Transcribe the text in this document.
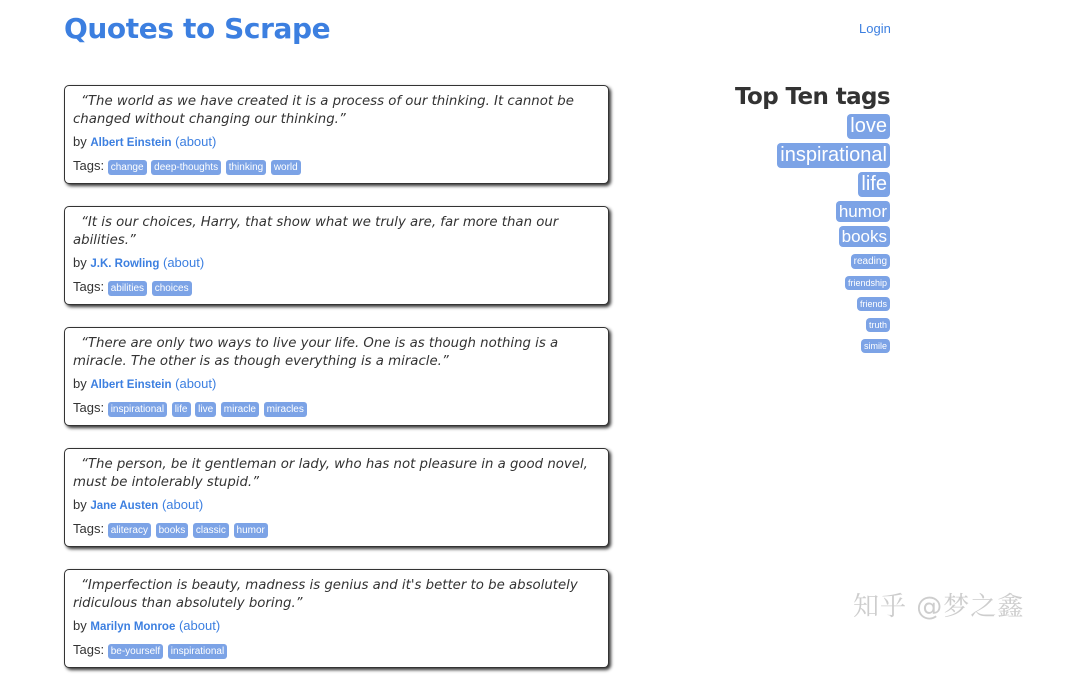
Quotes to Scrape	Login
“The world as we have created it is a process of our thinking. It cannot be changed without changing our thinking.”
by Albert Einstein (about)
Tags: change deep-thoughts thinking world
“It is our choices, Harry, that show what we truly are, far more than our abilities.”
by J.K. Rowling (about)
Tags: abilities choices
“There are only two ways to live your life. One is as though nothing is a miracle. The other is as though everything is a miracle.”
by Albert Einstein (about)
Tags: inspirational life live miracle miracles
“The person, be it gentleman or lady, who has not pleasure in a good novel, must be intolerably stupid.”
by Jane Austen (about)
Tags: aliteracy books classic humor
“Imperfection is beauty, madness is genius and it's better to be absolutely ridiculous than absolutely boring.”
by Marilyn Monroe (about)
Tags: be-yourself inspirational
Top Ten tags
love
inspirational
life
humor
books
reading
friendship
friends
truth
simile
知乎 @梦之鑫
